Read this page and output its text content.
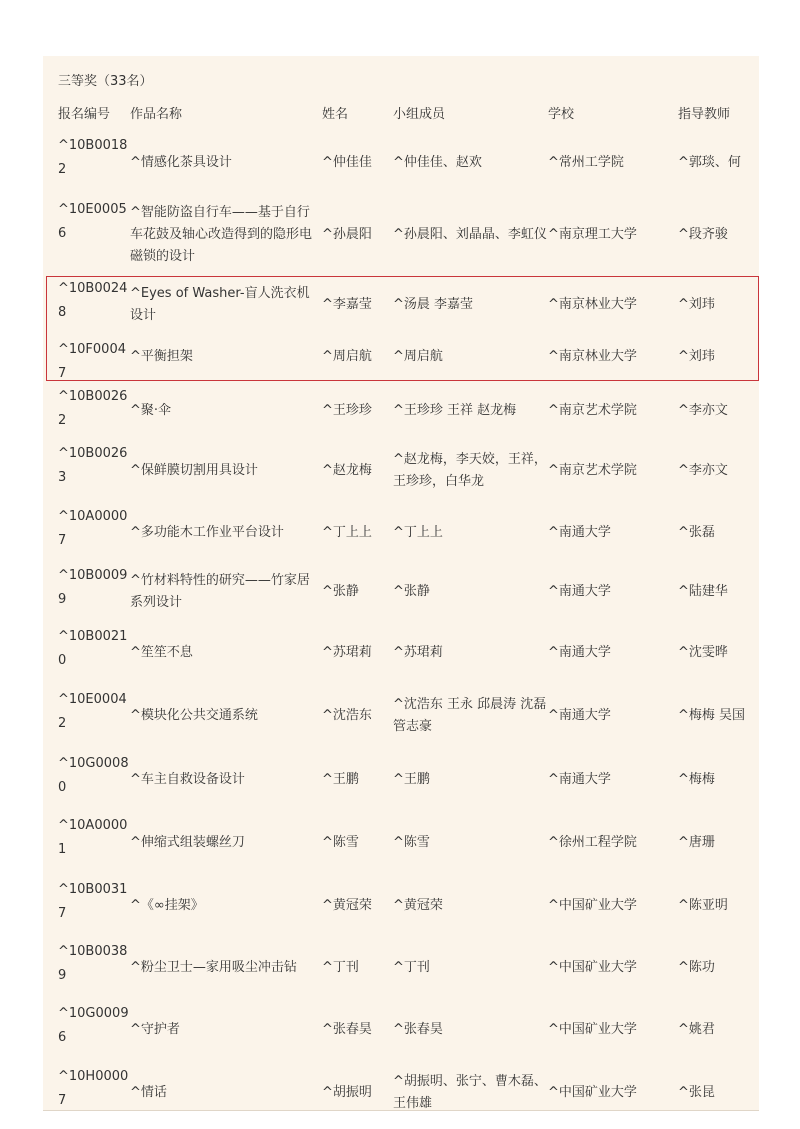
三等奖（33名）
报名编号 作品名称	姓名	小组成员	学校	指导教师
^10B00182	^情感化茶具设计	^仲佳佳 ^仲佳佳、赵欢	^常州工学院	^郭琰、何
^10E00056
^智能防盗自行车——基于自行车花鼓及轴心改造得到的隐形电磁锁的设计
^孙晨阳 ^孙晨阳、刘晶晶、李虹仪 ^南京理工大学	^段齐骏
^10B00248
^Eyes of Washer-盲人洗衣机设计
^李嘉莹 ^汤晨 李嘉莹	^南京林业大学	^刘玮
^10F00047
^平衡担架	^周启航 ^周启航	^南京林业大学	^刘玮
^10B00262
^聚·伞	^王珍珍 ^王珍珍 王祥 赵龙梅 ^南京艺术学院	^李亦文
^10B00263	^保鲜膜切割用具设计	^赵龙梅
^赵龙梅，李天姣，王祥，王珍珍，白华龙
^南京艺术学院	^李亦文
^10A00007
^多功能木工作业平台设计	^丁上上 ^丁上上	^南通大学	^张磊
^10B00099
^竹材料特性的研究——竹家居系列设计
^张静	^张静	^南通大学	^陆建华
^10B00210
^笙笙不息	^苏珺莉 ^苏珺莉	^南通大学	^沈雯晔
^10E00042
^模块化公共交通系统	^沈浩东
^沈浩东 王永 邱晨涛 沈磊 管志豪
^南通大学	^梅梅 吴国
^10G00080
^车主自救设备设计	^王鹏	^王鹏	^南通大学	^梅梅
^10A00001	^伸缩式组装螺丝刀	^陈雪	^陈雪	^徐州工程学院	^唐珊
^10B00317
^《∞挂架》	^黄冠荣 ^黄冠荣	^中国矿业大学	^陈亚明
^10B00389
^粉尘卫士—家用吸尘冲击钻 ^丁刊	^丁刊	^中国矿业大学	^陈功
^10G00096
^守护者	^张春昊 ^张春昊	^中国矿业大学	^姚君
^10H00007
^情话	^胡振明
^胡振明、张宁、曹木磊、王伟雄
^中国矿业大学	^张昆
